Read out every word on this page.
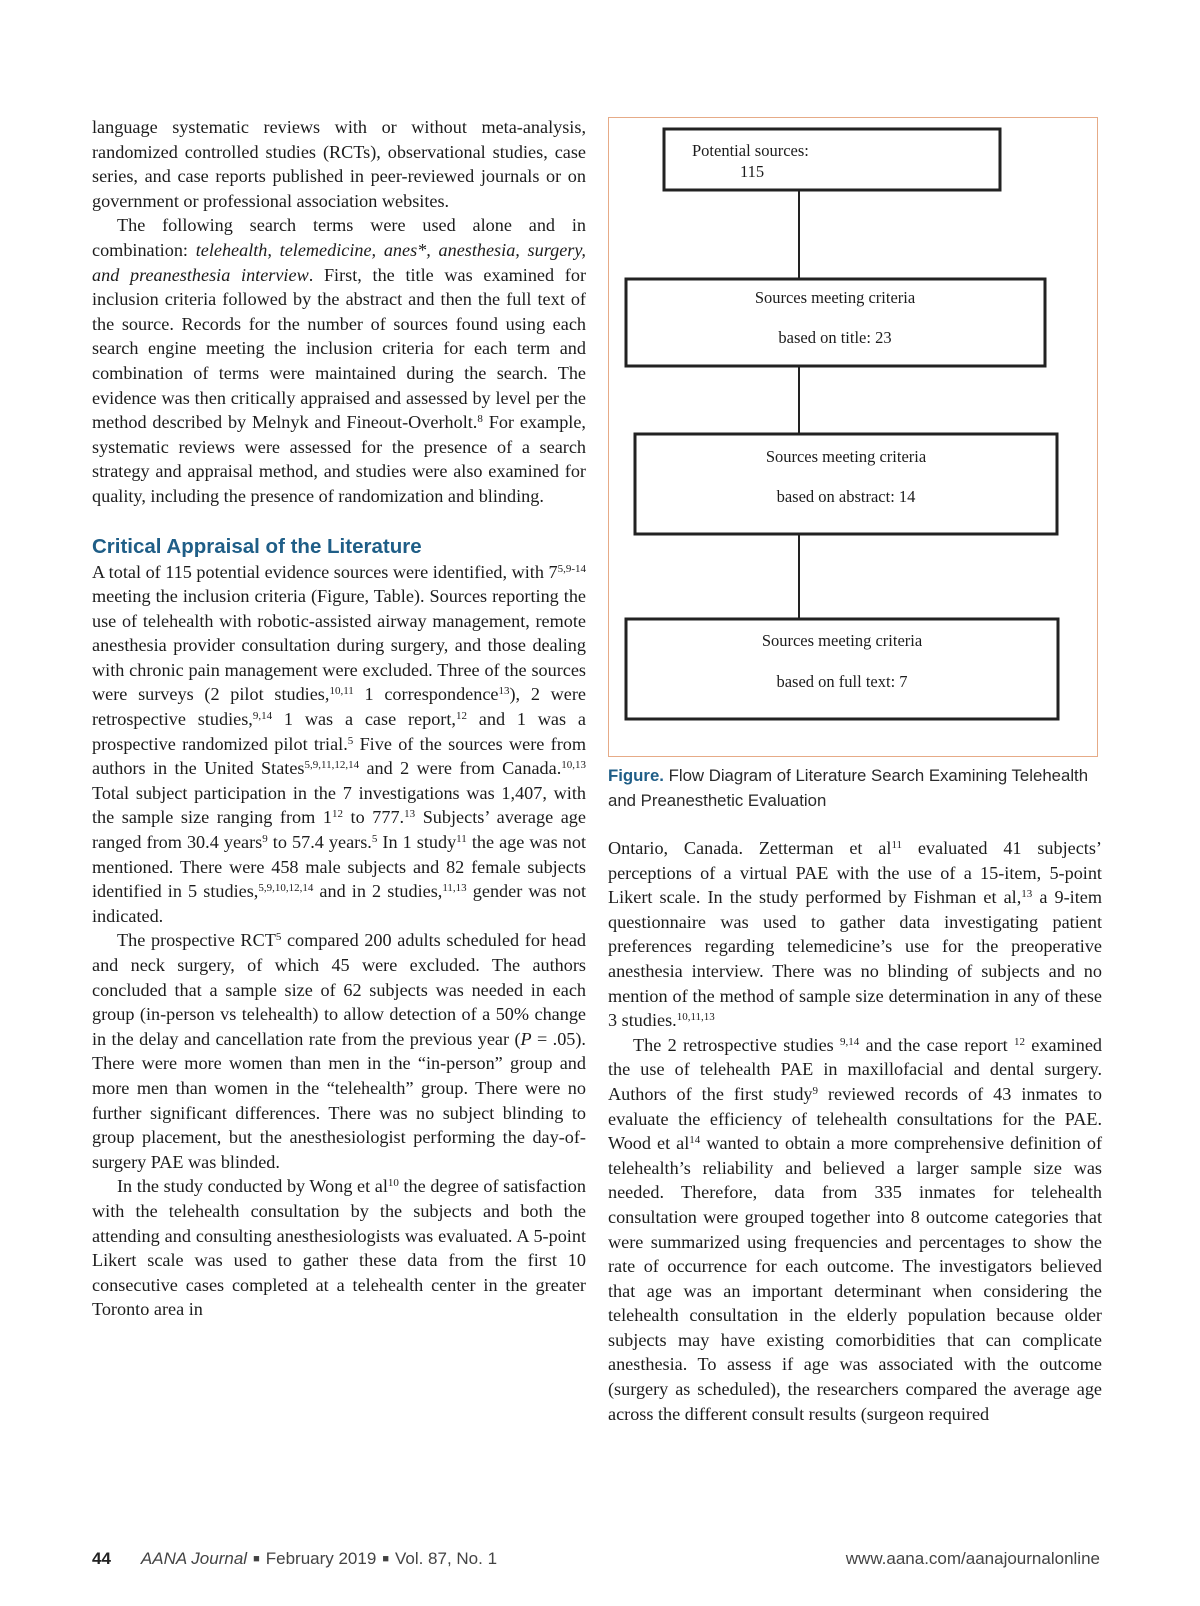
language systematic reviews with or without meta-analysis, randomized controlled studies (RCTs), observational studies, case series, and case reports published in peer-reviewed journals or on government or professional association websites.

The following search terms were used alone and in combination: telehealth, telemedicine, anes*, anesthesia, surgery, and preanesthesia interview. First, the title was examined for inclusion criteria followed by the abstract and then the full text of the source. Records for the number of sources found using each search engine meeting the inclusion criteria for each term and combination of terms were maintained during the search. The evidence was then critically appraised and assessed by level per the method described by Melnyk and Fineout-Overholt.$^8$ For example, systematic reviews were assessed for the presence of a search strategy and appraisal method, and studies were also examined for quality, including the presence of randomization and blinding.

Critical Appraisal of the Literature

A total of 115 potential evidence sources were identified, with 7$^{5,9-14}$ meeting the inclusion criteria (Figure, Table). Sources reporting the use of telehealth with robotic-assisted airway management, remote anesthesia provider consultation during surgery, and those dealing with chronic pain management were excluded. Three of the sources were surveys (2 pilot studies,$^{10,11}$ 1 correspondence$^{13}$), 2 were retrospective studies,$^{9,14}$ 1 was a case report,$^{12}$ and 1 was a prospective randomized pilot trial.$^5$ Five of the sources were from authors in the United States$^{5,9,11,12,14}$ and 2 were from Canada.$^{10,13}$ Total subject participation in the 7 investigations was 1,407, with the sample size ranging from $1^{12}$ to 777.13 Subjects’ average age ranged from 30.4 years$^9$ to 57.4 years.$^5$ In 1 study$^{11}$ the age was not mentioned. There were 458 male subjects and 82 female subjects identified in 5 studies,$^{5,9,10,12,14}$ and in 2 studies,$^{11,13}$ gender was not indicated.

The prospective RCT$^5$ compared 200 adults scheduled for head and neck surgery, of which 45 were excluded. The authors concluded that a sample size of 62 subjects was needed in each group (in-person vs telehealth) to allow detection of a 50% change in the delay and cancellation rate from the previous year (P = .05). There were more women than men in the “in-person” group and more men than women in the “telehealth” group. There were no further significant differences. There was no subject blinding to group placement, but the anesthesiologist performing the day-of-surgery PAE was blinded.

In the study conducted by Wong et $al^{10}$ the degree of satisfaction with the telehealth consultation by the subjects and both the attending and consulting anesthesiologists was evaluated. A 5-point Likert scale was used to gather these data from the first 10 consecutive cases completed at a telehealth center in the greater Toronto area in

Potential sources:
115
Sources meeting criteria
based on title: 23
Sources meeting criteria
based on abstract: 14
Sources meeting criteria
based on full text: 7
Figure. Flow Diagram of Literature Search Examining Telehealth and Preanesthetic Evaluation

Ontario, Canada. Zetterman et $al^{11}$ evaluated 41 subjects’ perceptions of a virtual PAE with the use of a 15-item, 5-point Likert scale. In the study performed by Fishman et al,$^{13}$ a 9-item questionnaire was used to gather data investigating patient preferences regarding telemedicine’s use for the preoperative anesthesia interview. There was no blinding of subjects and no mention of the method of sample size determination in any of these 3 studies.$^{10,11,13}$

The 2 retrospective studies $^{9,14}$ and the case report $^{12}$ examined the use of telehealth PAE in maxillofacial and dental surgery. Authors of the first study$^9$ reviewed records of 43 inmates to evaluate the efficiency of telehealth consultations for the PAE. Wood et $al^{14}$ wanted to obtain a more comprehensive definition of telehealth’s reliability and believed a larger sample size was needed. Therefore, data from 335 inmates for telehealth consultation were grouped together into 8 outcome categories that were summarized using frequencies and percentages to show the rate of occurrence for each outcome. The investigators believed that age was an important determinant when considering the telehealth consultation in the elderly population because older subjects may have existing comorbidities that can complicate anesthesia. To assess if age was associated with the outcome (surgery as scheduled), the researchers compared the average age across the different consult results (surgeon required

44 AANA Journal ■ February 2019 ■ Vol. 87, No. 1	www.aana.com/aanajournalonline
